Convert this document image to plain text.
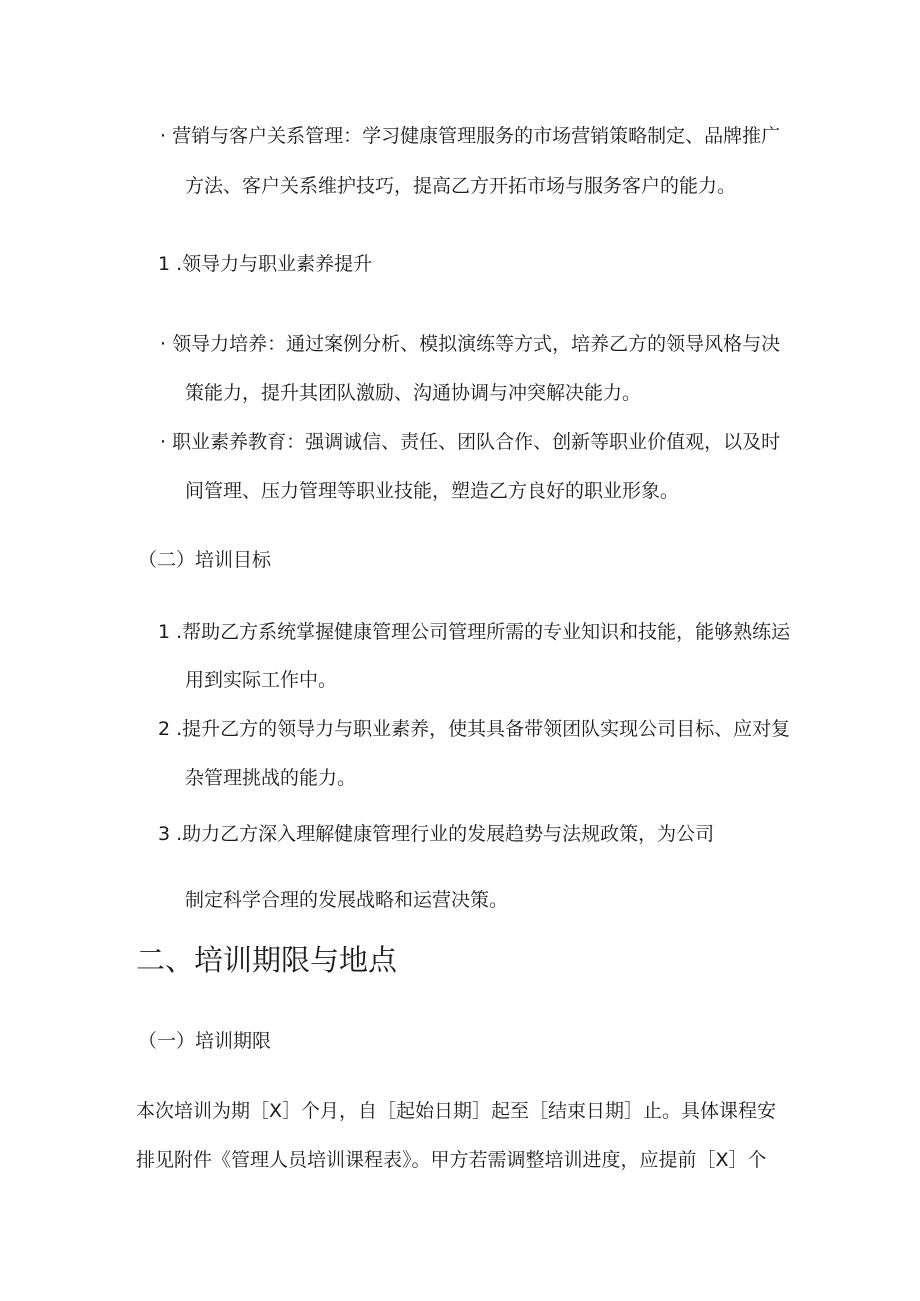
· 营销与客户关系管理：学习健康管理服务的市场营销策略制定、品牌推广
方法、客户关系维护技巧，提高乙方开拓市场与服务客户的能力。
1 .领导力与职业素养提升
· 领导力培养：通过案例分析、模拟演练等方式，培养乙方的领导风格与决
策能力，提升其团队激励、沟通协调与冲突解决能力。
· 职业素养教育：强调诚信、责任、团队合作、创新等职业价值观，以及时
间管理、压力管理等职业技能，塑造乙方良好的职业形象。
（二）培训目标
1 .帮助乙方系统掌握健康管理公司管理所需的专业知识和技能，能够熟练运
用到实际工作中。
2 .提升乙方的领导力与职业素养，使其具备带领团队实现公司目标、应对复
杂管理挑战的能力。
3 .助力乙方深入理解健康管理行业的发展趋势与法规政策，为公司
制定科学合理的发展战略和运营决策。
二、培训期限与地点
（一）培训期限
本次培训为期［X］个月，自［起始日期］起至［结束日期］止。具体课程安
排见附件《管理人员培训课程表》。甲方若需调整培训进度，应提前［X］个
